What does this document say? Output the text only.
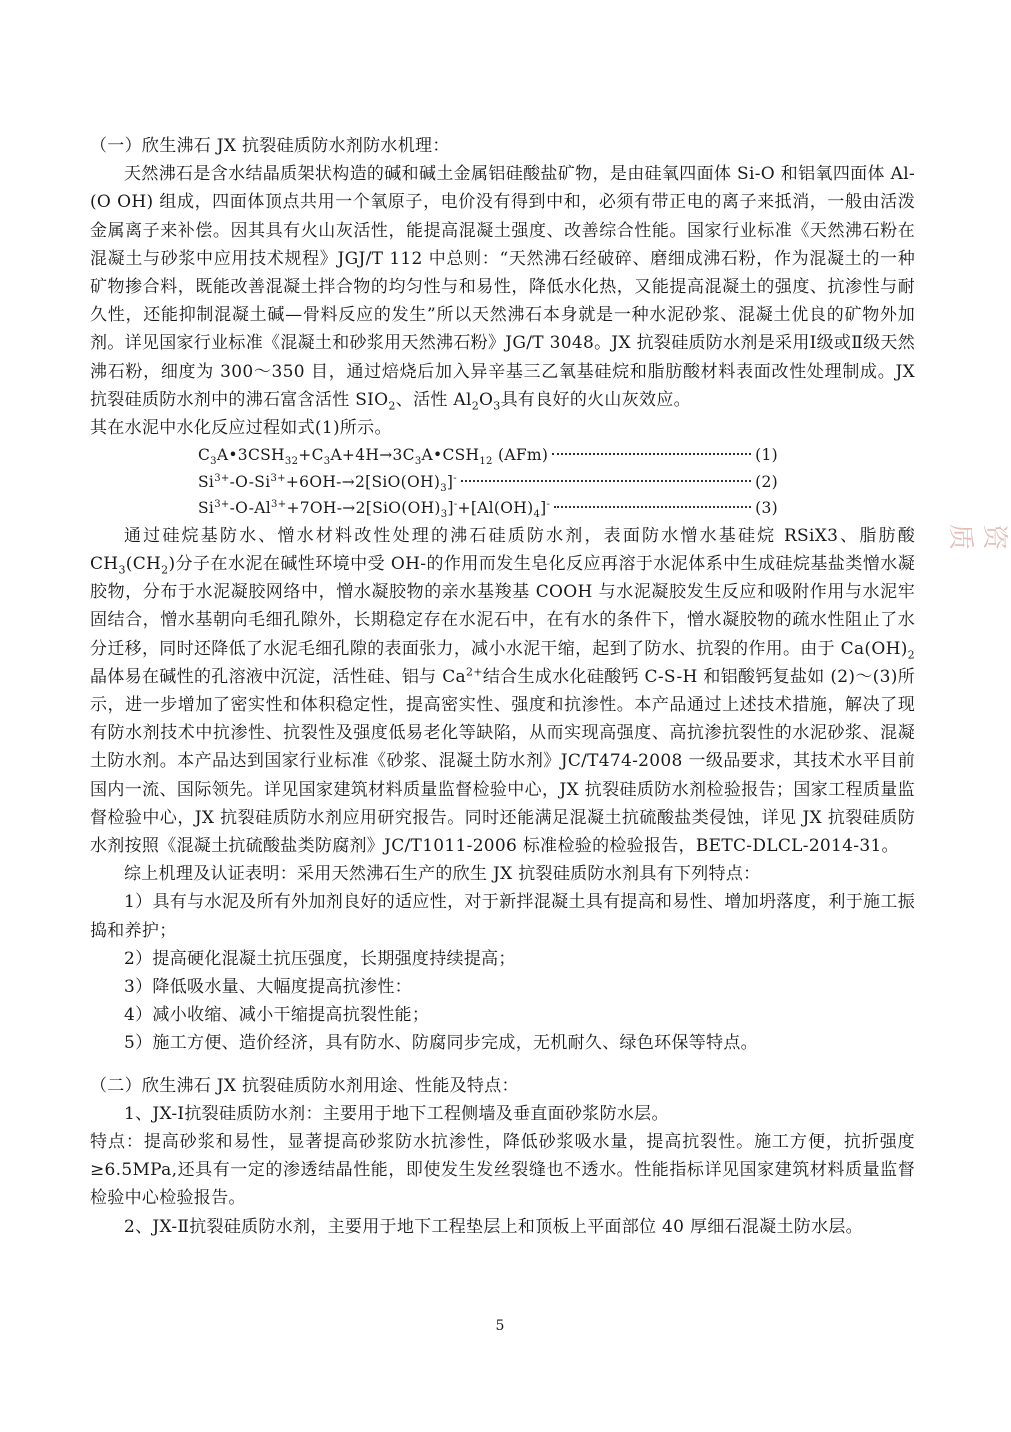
（一）欣生沸石 JX 抗裂硅质防水剂防水机理：

天然沸石是含水结晶质架状构造的碱和碱土金属铝硅酸盐矿物，是由硅氧四面体 Si-O 和铝氧四面体 Al-(O OH) 组成，四面体顶点共用一个氧原子，电价没有得到中和，必须有带正电的离子来抵消，一般由活泼金属离子来补偿。因其具有火山灰活性，能提高混凝土强度、改善综合性能。国家行业标准《天然沸石粉在混凝土与砂浆中应用技术规程》JGJ/T 112 中总则：“天然沸石经破碎、磨细成沸石粉，作为混凝土的一种矿物掺合料，既能改善混凝土拌合物的均匀性与和易性，降低水化热，又能提高混凝土的强度、抗渗性与耐久性，还能抑制混凝土碱—骨料反应的发生”所以天然沸石本身就是一种水泥砂浆、混凝土优良的矿物外加剂。详见国家行业标准《混凝土和砂浆用天然沸石粉》JG/T 3048。JX 抗裂硅质防水剂是采用Ⅰ级或Ⅱ级天然沸石粉，细度为 300～350 目，通过焙烧后加入异辛基三乙氧基硅烷和脂肪酸材料表面改性处理制成。JX 抗裂硅质防水剂中的沸石富含活性 $SIO_2$、活性 $Al_2O_3$具有良好的火山灰效应。

其在水泥中水化反应过程如式(1)所示。

$C_3A•3CSH_{32}+C_3A+4H\to 3C_3A•CSH_{12}$ (AFm)	(1)
$Si^{3+}-O-Si^{3+}+6OH-\to 2[SiO(OH)_3]^-$	(2)
$Si^{3+}-O-Al^{3+}+7OH-\to 2[SiO(OH)_3]^-+[Al(OH)_4]^-$	(3)

通过硅烷基防水、憎水材料改性处理的沸石硅质防水剂，表面防水憎水基硅烷 RSiX3、脂肪酸 $CH_3(CH_2)$分子在水泥在碱性环境中受 OH-的作用而发生皂化反应再溶于水泥体系中生成硅烷基盐类憎水凝胶物，分布于水泥凝胶网络中，憎水凝胶物的亲水基羧基 COOH 与水泥凝胶发生反应和吸附作用与水泥牢固结合，憎水基朝向毛细孔隙外，长期稳定存在水泥石中，在有水的条件下，憎水凝胶物的疏水性阻止了水分迁移，同时还降低了水泥毛细孔隙的表面张力，减小水泥干缩，起到了防水、抗裂的作用。由于 $Ca(OH)_2$晶体易在碱性的孔溶液中沉淀，活性硅、铝与 $Ca^{2+}$结合生成水化硅酸钙 C-S-H 和铝酸钙复盐如 (2)～(3)所示，进一步增加了密实性和体积稳定性，提高密实性、强度和抗渗性。本产品通过上述技术措施，解决了现有防水剂技术中抗渗性、抗裂性及强度低易老化等缺陷，从而实现高强度、高抗渗抗裂性的水泥砂浆、混凝土防水剂。本产品达到国家行业标准《砂浆、混凝土防水剂》JC/T474-2008 一级品要求，其技术水平目前国内一流、国际领先。详见国家建筑材料质量监督检验中心，JX 抗裂硅质防水剂检验报告；国家工程质量监督检验中心，JX 抗裂硅质防水剂应用研究报告。同时还能满足混凝土抗硫酸盐类侵蚀，详见 JX 抗裂硅质防水剂按照《混凝土抗硫酸盐类防腐剂》JC/T1011-2006 标准检验的检验报告，BETC-DLCL-2014-31。

综上机理及认证表明：采用天然沸石生产的欣生 JX 抗裂硅质防水剂具有下列特点：

1）具有与水泥及所有外加剂良好的适应性，对于新拌混凝土具有提高和易性、增加坍落度，利于施工振捣和养护；

2）提高硬化混凝土抗压强度，长期强度持续提高；

3）降低吸水量、大幅度提高抗渗性：

4）减小收缩、减小干缩提高抗裂性能；

5）施工方便、造价经济，具有防水、防腐同步完成，无机耐久、绿色环保等特点。

（二）欣生沸石 JX 抗裂硅质防水剂用途、性能及特点：

1、JX-Ⅰ抗裂硅质防水剂：主要用于地下工程侧墙及垂直面砂浆防水层。

特点：提高砂浆和易性，显著提高砂浆防水抗渗性，降低砂浆吸水量，提高抗裂性。施工方便，抗折强度≥6.5MPa,还具有一定的渗透结晶性能，即使发生发丝裂缝也不透水。性能指标详见国家建筑材料质量监督检验中心检验报告。

2、JX-Ⅱ抗裂硅质防水剂，主要用于地下工程垫层上和顶板上平面部位 40 厚细石混凝土防水层。

5
资质
